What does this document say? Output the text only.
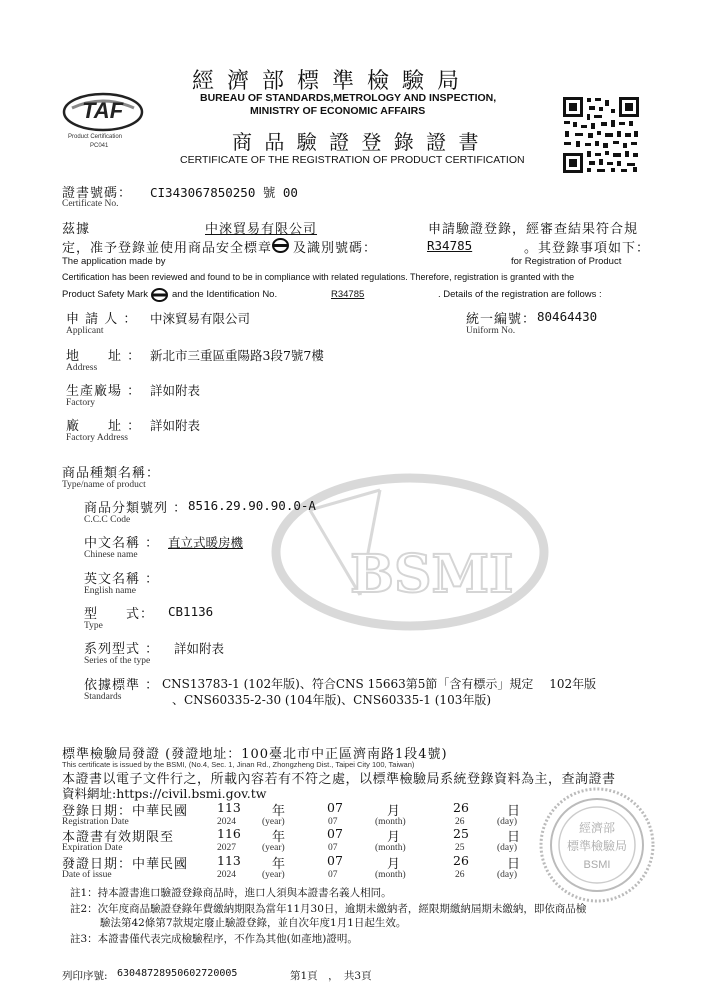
TAF
Product Certification
PC041
經 濟 部 標 準 檢 驗 局
BUREAU OF STANDARDS,METROLOGY AND INSPECTION,
MINISTRY OF ECONOMIC AFFAIRS
商 品 驗 證 登 錄 證 書
CERTIFICATE OF THE REGISTRATION OF PRODUCT CERTIFICATION
證書號碼： CI343067850250 號 00
Certificate No.
茲據	中淶貿易有限公司	申請驗證登錄，經審查結果符合規
定，准予登錄並使用商品安全標章 及識別號碼：	R34785	。其登錄事項如下：
The application made by	for Registration of Product
Certification has been reviewed and found to be in compliance with related regulations. Therefore, registration is granted with the
Product Safety Mark	and the Identification No.	R34785	. Details of the registration are follows :
申 請 人 ： 中淶貿易有限公司
Applicant
統一編號： 80464430
Uniform No.
地　　址 ： 新北市三重區重陽路3段7號7樓
Address
生產廠場 ： 詳如附表
Factory
廠　　址 ： 詳如附表
Factory Address
BSMI
商品種類名稱：
Type/name of product
商品分類號列 ： 8516.29.90.90.0-A
C.C.C Code
中文名稱 ： 直立式暖房機
Chinese name
英文名稱 ：
English name
型　　式： CB1136
Type
系列型式 ： 詳如附表
Series of the type
依據標準 ： CNS13783-1 (102年版)、符合CNS 15663第5節「含有標示」規定　 102年版
、CNS60335-2-30 (104年版)、CNS60335-1 (103年版)
Standards
標準檢驗局發證 (發證地址：100臺北市中正區濟南路1段4號)
This certificate is issued by the BSMI, (No.4, Sec. 1, Jinan Rd., Zhongzheng Dist., Taipei City 100, Taiwan)
本證書以電子文件行之，所載內容若有不符之處，以標準檢驗局系統登錄資料為主，查詢證書
資料網址:https://civil.bsmi.gov.tw
登錄日期：中華民國 113 年	07	月	26	日
Registration Date	2024	(year)	07	(month)	26	(day)
本證書有效期限至	116 年	07	月	25	日
Expiration Date	2027	(year)	07	(month)	25	(day)
發證日期：中華民國 113 年	07	月	26	日
Date of issue	2024	(year)	07	(month)	26	(day)
經濟部
標準檢驗局
BSMI
註1：持本證書進口驗證登錄商品時，進口人須與本證書名義人相同。
註2：次年度商品驗證登錄年費繳納期限為當年11月30日，逾期未繳納者，經限期繳納屆期未繳納，即依商品檢
驗法第42條第7款規定廢止驗證登錄，並自次年度1月1日起生效。
註3：本證書僅代表完成檢驗程序，不作為其他(如產地)證明。
列印序號: 63048728950602720005	第1頁　，　共3頁
